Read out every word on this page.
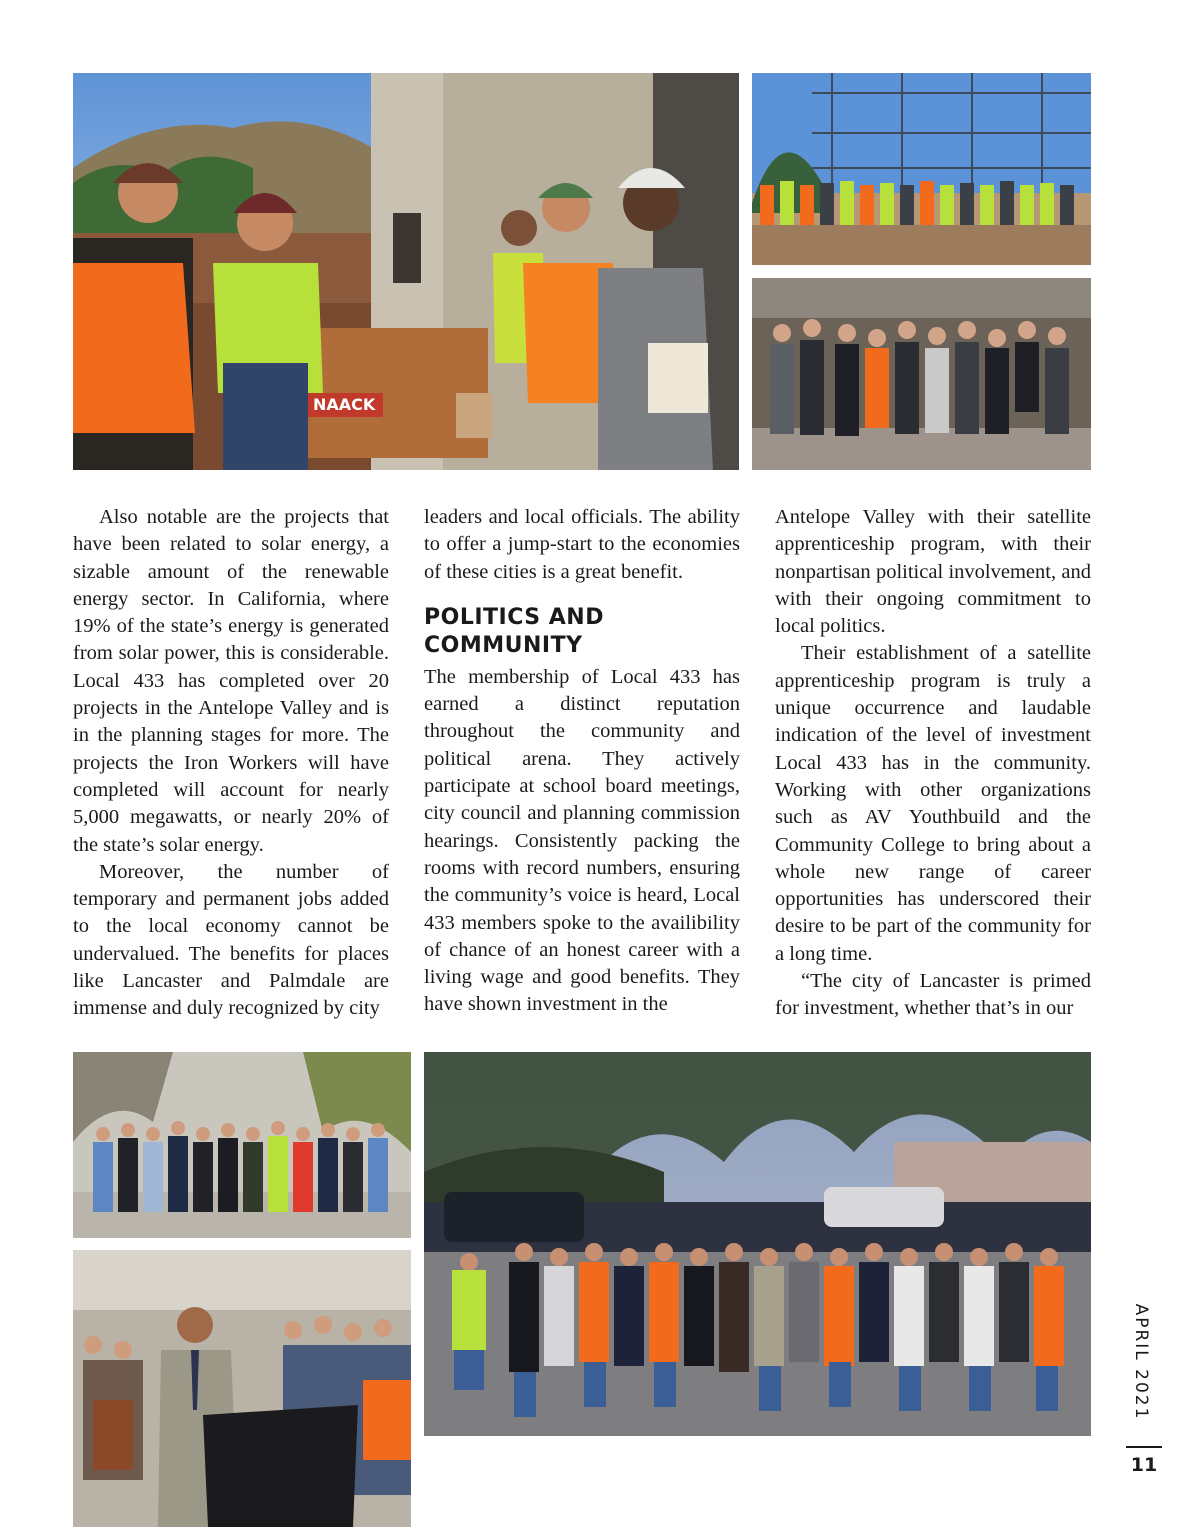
NAACK

Also notable are the projects that have been related to solar energy, a sizable amount of the renewable energy sector. In California, where 19% of the state’s energy is generated from solar power, this is considerable. Local 433 has completed over 20 projects in the Antelope Valley and is in the planning stages for more. The projects the Iron Workers will have completed will account for nearly 5,000 megawatts, or nearly 20% of the state’s solar energy.

Moreover, the number of temporary and permanent jobs added to the local economy cannot be undervalued. The benefits for places like Lancaster and Palmdale are immense and duly recognized by city

leaders and local officials. The ability to offer a jump-start to the economies of these cities is a great benefit.

POLITICS AND COMMUNITY

The membership of Local 433 has earned a distinct reputation throughout the community and political arena. They actively participate at school board meetings, city council and planning commission hearings. Consistently packing the rooms with record numbers, ensuring the community’s voice is heard, Local 433 members spoke to the availibility of chance of an honest career with a living wage and good benefits. They have shown investment in the

Antelope Valley with their satellite apprenticeship program, with their nonpartisan political involvement, and with their ongoing commitment to local politics.

Their establishment of a satellite apprenticeship program is truly a unique occurrence and laudable indication of the level of investment Local 433 has in the community. Working with other organizations such as AV Youthbuild and the Community College to bring about a whole new range of career opportunities has underscored their desire to be part of the community for a long time.

“The city of Lancaster is primed for investment, whether that’s in our

APRIL 2021
11
